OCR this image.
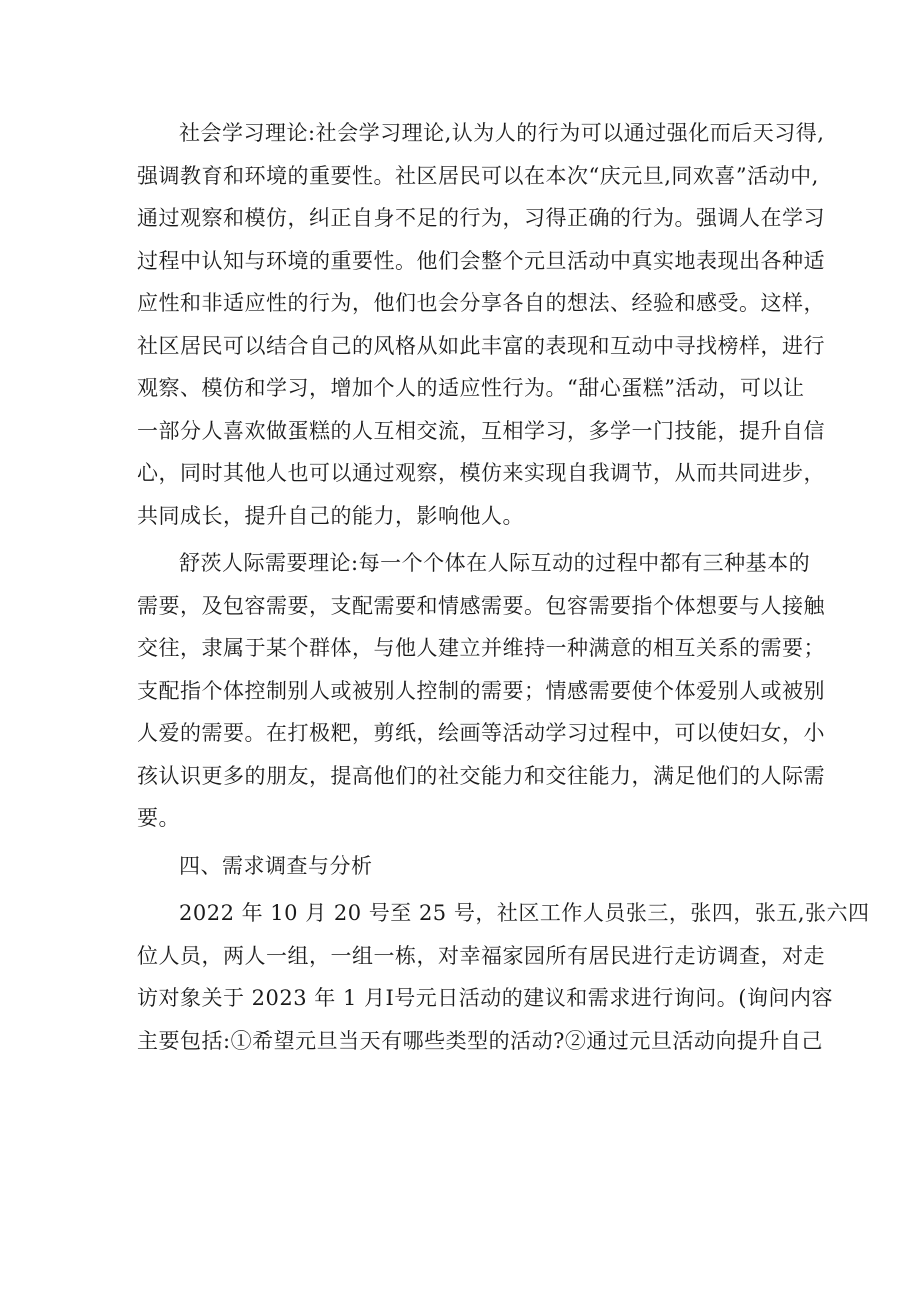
社会学习理论:社会学习理论,认为人的行为可以通过强化而后天习得,
强调教育和环境的重要性。社区居民可以在本次“庆元旦,同欢喜”活动中,
通过观察和模仿，纠正自身不足的行为，习得正确的行为。强调人在学习
过程中认知与环境的重要性。他们会整个元旦活动中真实地表现出各种适
应性和非适应性的行为，他们也会分享各自的想法、经验和感受。这样，
社区居民可以结合自己的风格从如此丰富的表现和互动中寻找榜样，进行
观察、模仿和学习，增加个人的适应性行为。“甜心蛋糕”活动，可以让
一部分人喜欢做蛋糕的人互相交流，互相学习，多学一门技能，提升自信
心，同时其他人也可以通过观察，模仿来实现自我调节，从而共同进步，
共同成长，提升自己的能力，影响他人。
舒茨人际需要理论:每一个个体在人际互动的过程中都有三种基本的
需要，及包容需要，支配需要和情感需要。包容需要指个体想要与人接触
交往，隶属于某个群体，与他人建立并维持一种满意的相互关系的需要；
支配指个体控制别人或被别人控制的需要；情感需要使个体爱别人或被别
人爱的需要。在打极粑，剪纸，绘画等活动学习过程中，可以使妇女，小
孩认识更多的朋友，提高他们的社交能力和交往能力，满足他们的人际需
要。
四、需求调查与分析
2022 年 10 月 20 号至 25 号，社区工作人员张三，张四，张五,张六四
位人员，两人一组，一组一栋，对幸福家园所有居民进行走访调查，对走
访对象关于 2023 年 1 月Ⅰ号元日活动的建议和需求进行询问。(询问内容
主要包括:①希望元旦当天有哪些类型的活动?②通过元旦活动向提升自己
